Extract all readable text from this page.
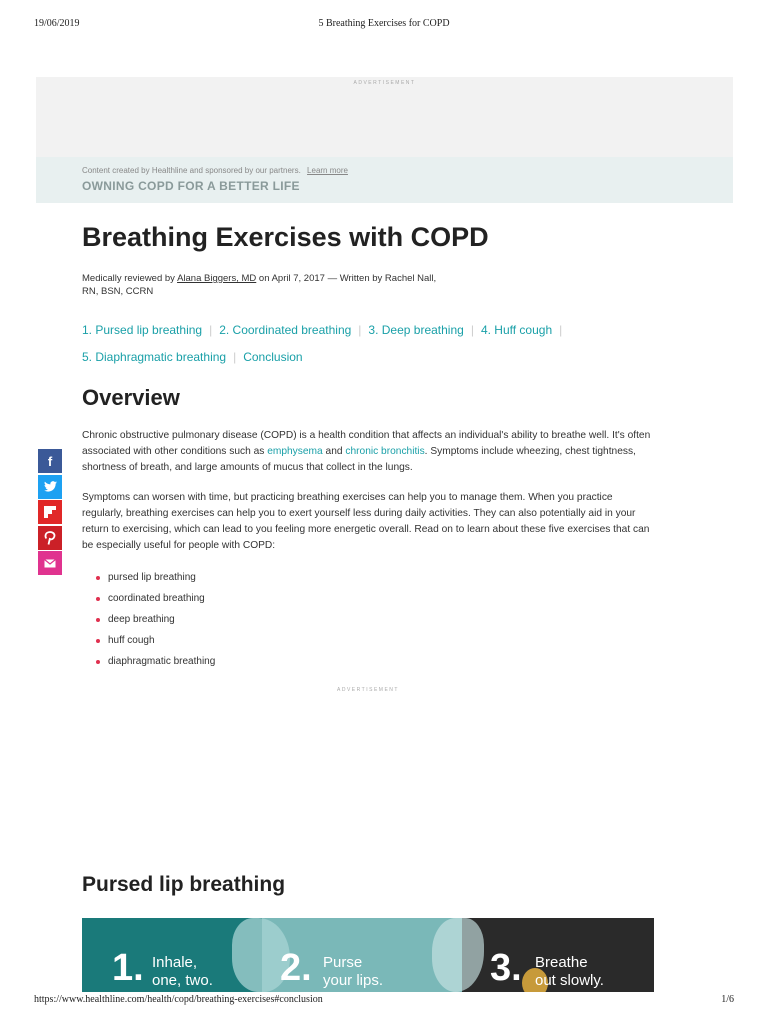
19/06/2019	5 Breathing Exercises for COPD
ADVERTISEMENT
Content created by Healthline and sponsored by our partners. Learn more
OWNING COPD FOR A BETTER LIFE
Breathing Exercises with COPD
Medically reviewed by Alana Biggers, MD on April 7, 2017 — Written by Rachel Nall,
RN, BSN, CCRN
1. Pursed lip breathing | 2. Coordinated breathing | 3. Deep breathing | 4. Huff cough |
5. Diaphragmatic breathing | Conclusion
Overview

Chronic obstructive pulmonary disease (COPD) is a health condition that affects an individual's ability to breathe well. It's often associated with other conditions such as emphysema and chronic bronchitis. Symptoms include wheezing, chest tightness, shortness of breath, and large amounts of mucus that collect in the lungs.

Symptoms can worsen with time, but practicing breathing exercises can help you to manage them. When you practice regularly, breathing exercises can help you to exert yourself less during daily activities. They can also potentially aid in your return to exercising, which can lead to you feeling more energetic overall. Read on to learn about these five exercises that can be especially useful for people with COPD:

pursed lip breathing
coordinated breathing
deep breathing
huff cough
diaphragmatic breathing
ADVERTISEMENT
f
Pursed lip breathing
1. Inhale,
one, two. 2. Purse
your lips.	3. Breathe
out slowly.
https://www.healthline.com/health/copd/breathing-exercises#conclusion	1/6
